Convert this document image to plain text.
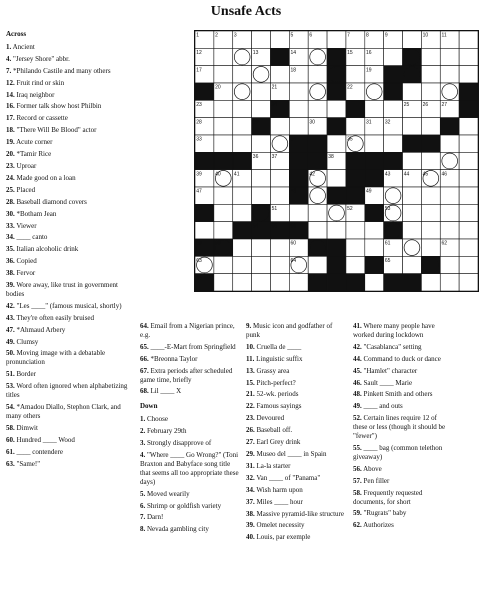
Unsafe Acts
1	2	3	5	6	7	8	9	10	11
12	13	14	15	16
17	18	19
20	21	22
23	24	25	26	27
28	29	30	31	32
33	34	35
36	37	38
39	40	41	42	43	44	45	46
47	48	49
50	51	52	53
54	55	56	57
58	59	60	61	62
63	64	65
66	67	68
Across
1. Ancient
4. "Jersey Shore" abbr.
7. *Philando Castile and many others
12. Fruit rind or skin
14. Iraq neighbor
16. Former talk show host Philbin
17. Record or cassette
18. "There Will Be Blood" actor
19. Acute corner
20. *Tamir Rice
23. Uproar
24. Made good on a loan
25. Placed
28. Baseball diamond covers
30. *Botham Jean
33. Viewer
34. ____ canto
35. Italian alcoholic drink
36. Copied
38. Fervor
39. Wore away, like trust in government bodies
42. "Les ____" (famous musical, shortly)
43. They're often easily bruised
47. *Ahmaud Arbery
49. Clumsy
50. Moving image with a debatable pronunciation
51. Border
53. Word often ignored when alphabetizing titles
54. *Amadou Diallo, Stephon Clark, and many others
58. Dimwit
60. Hundred ____ Wood
61. ____ contendere
63. "Same!"
64. Email from a Nigerian prince, e.g.
65. ____-E-Mart from Springfield
66. *Breonna Taylor
67. Extra periods after scheduled game time, briefly
68. Lil ____ X
Down
1. Choose
2. February 29th
3. Strongly disapprove of
4. "Where ____ Go Wrong?" (Toni Braxton and Babyface song title that seems all too appropriate these days)
5. Moved wearily
6. Shrimp or goldfish variety
7. Darn!
8. Nevada gambling city
9. Music icon and godfather of punk
10. Cruella de ____
11. Linguistic suffix
13. Grassy area
15. Pitch-perfect?
21. 52-wk. periods
22. Famous sayings
23. Devoured
26. Baseball off.
27. Earl Grey drink
29. Museo del ____ in Spain
31. La-la starter
32. Van ____ of "Panama"
34. Wish harm upon
37. Miles ____ hour
38. Massive pyramid-like structure
39. Omelet necessity
40. Louis, par exemple
41. Where many people have worked during lockdown
42. "Casablanca" setting
44. Command to duck or dance
45. "Hamlet" character
46. Sault ____ Marie
48. Pinkett Smith and others
49. ____ and outs
52. Certain lines require 12 of these or less (though it should be "fewer")
55. ____ bag (common telethon giveaway)
56. Above
57. Pen filler
58. Frequently requested documents, for short
59. "Rugrats" baby
62. Authorizes
